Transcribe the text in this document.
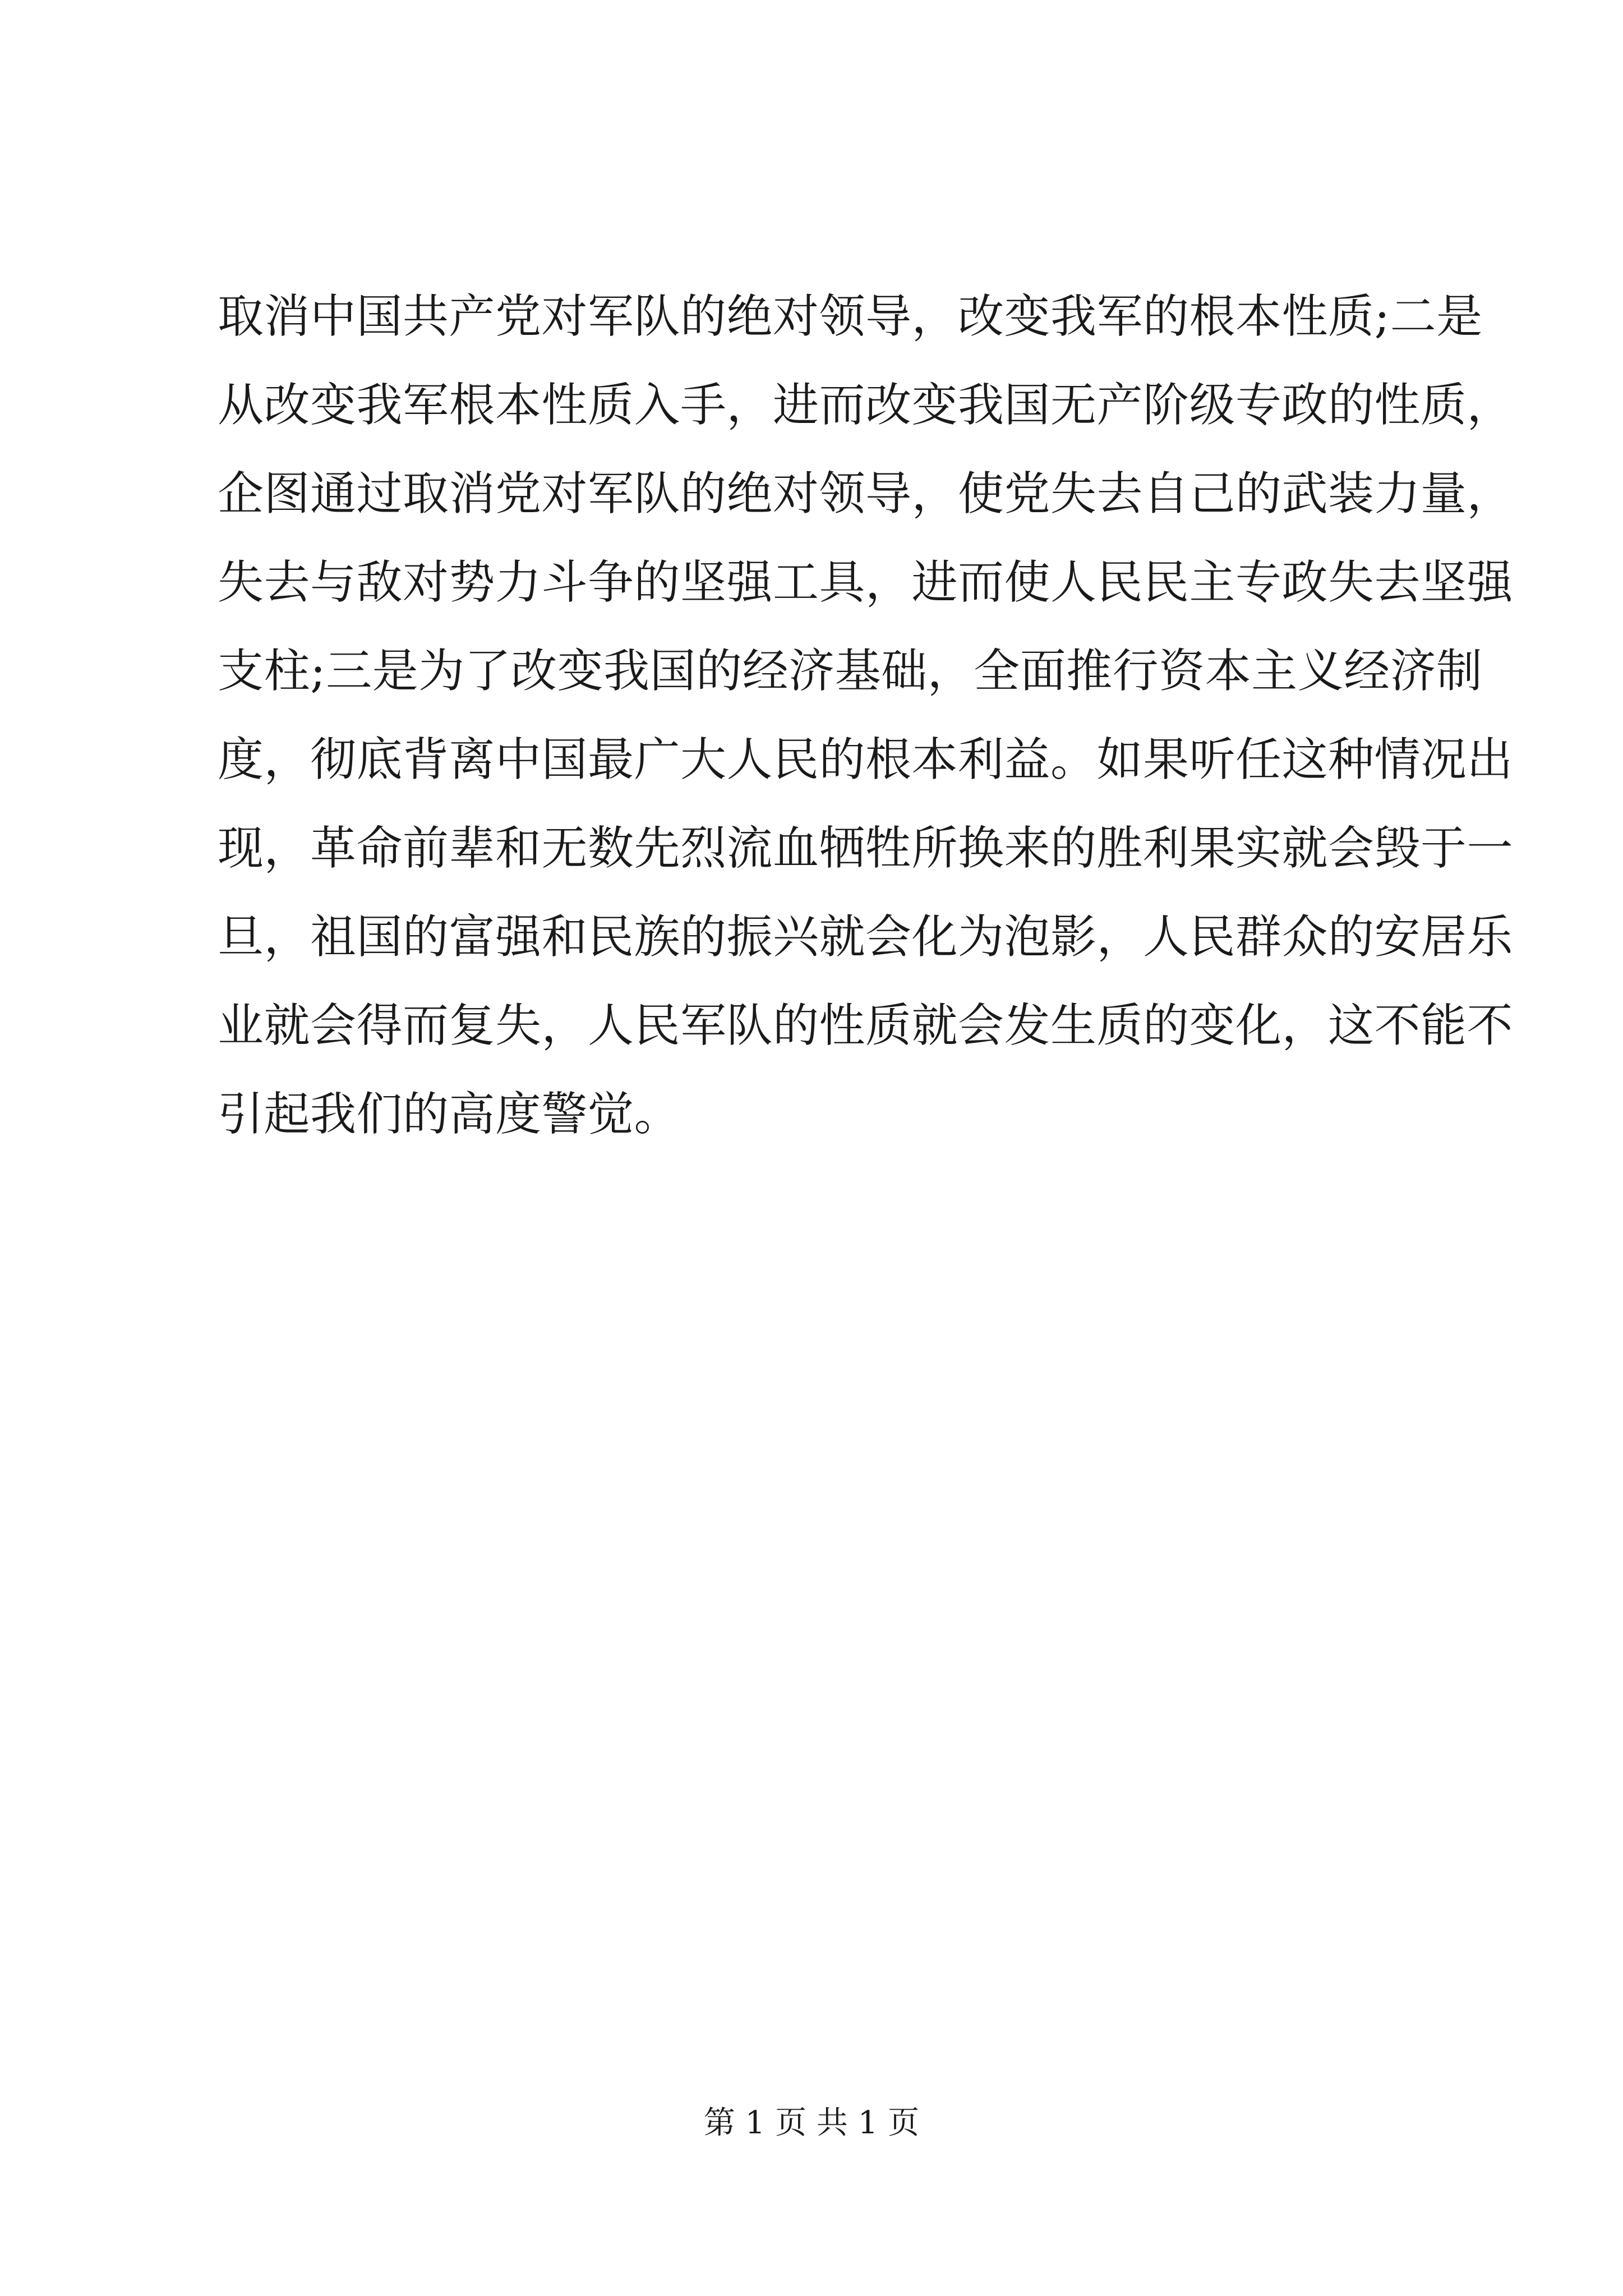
取消中国共产党对军队的绝对领导，改变我军的根本性质;二是
从改变我军根本性质入手，进而改变我国无产阶级专政的性质，
企图通过取消党对军队的绝对领导，使党失去自己的武装力量，
失去与敌对势力斗争的坚强工具，进而使人民民主专政失去坚强
支柱;三是为了改变我国的经济基础，全面推行资本主义经济制
度，彻底背离中国最广大人民的根本利益。如果听任这种情况出
现，革命前辈和无数先烈流血牺牲所换来的胜利果实就会毁于一
旦，祖国的富强和民族的振兴就会化为泡影，人民群众的安居乐
业就会得而复失，人民军队的性质就会发生质的变化，这不能不
引起我们的高度警觉。
第 1 页 共 1 页
